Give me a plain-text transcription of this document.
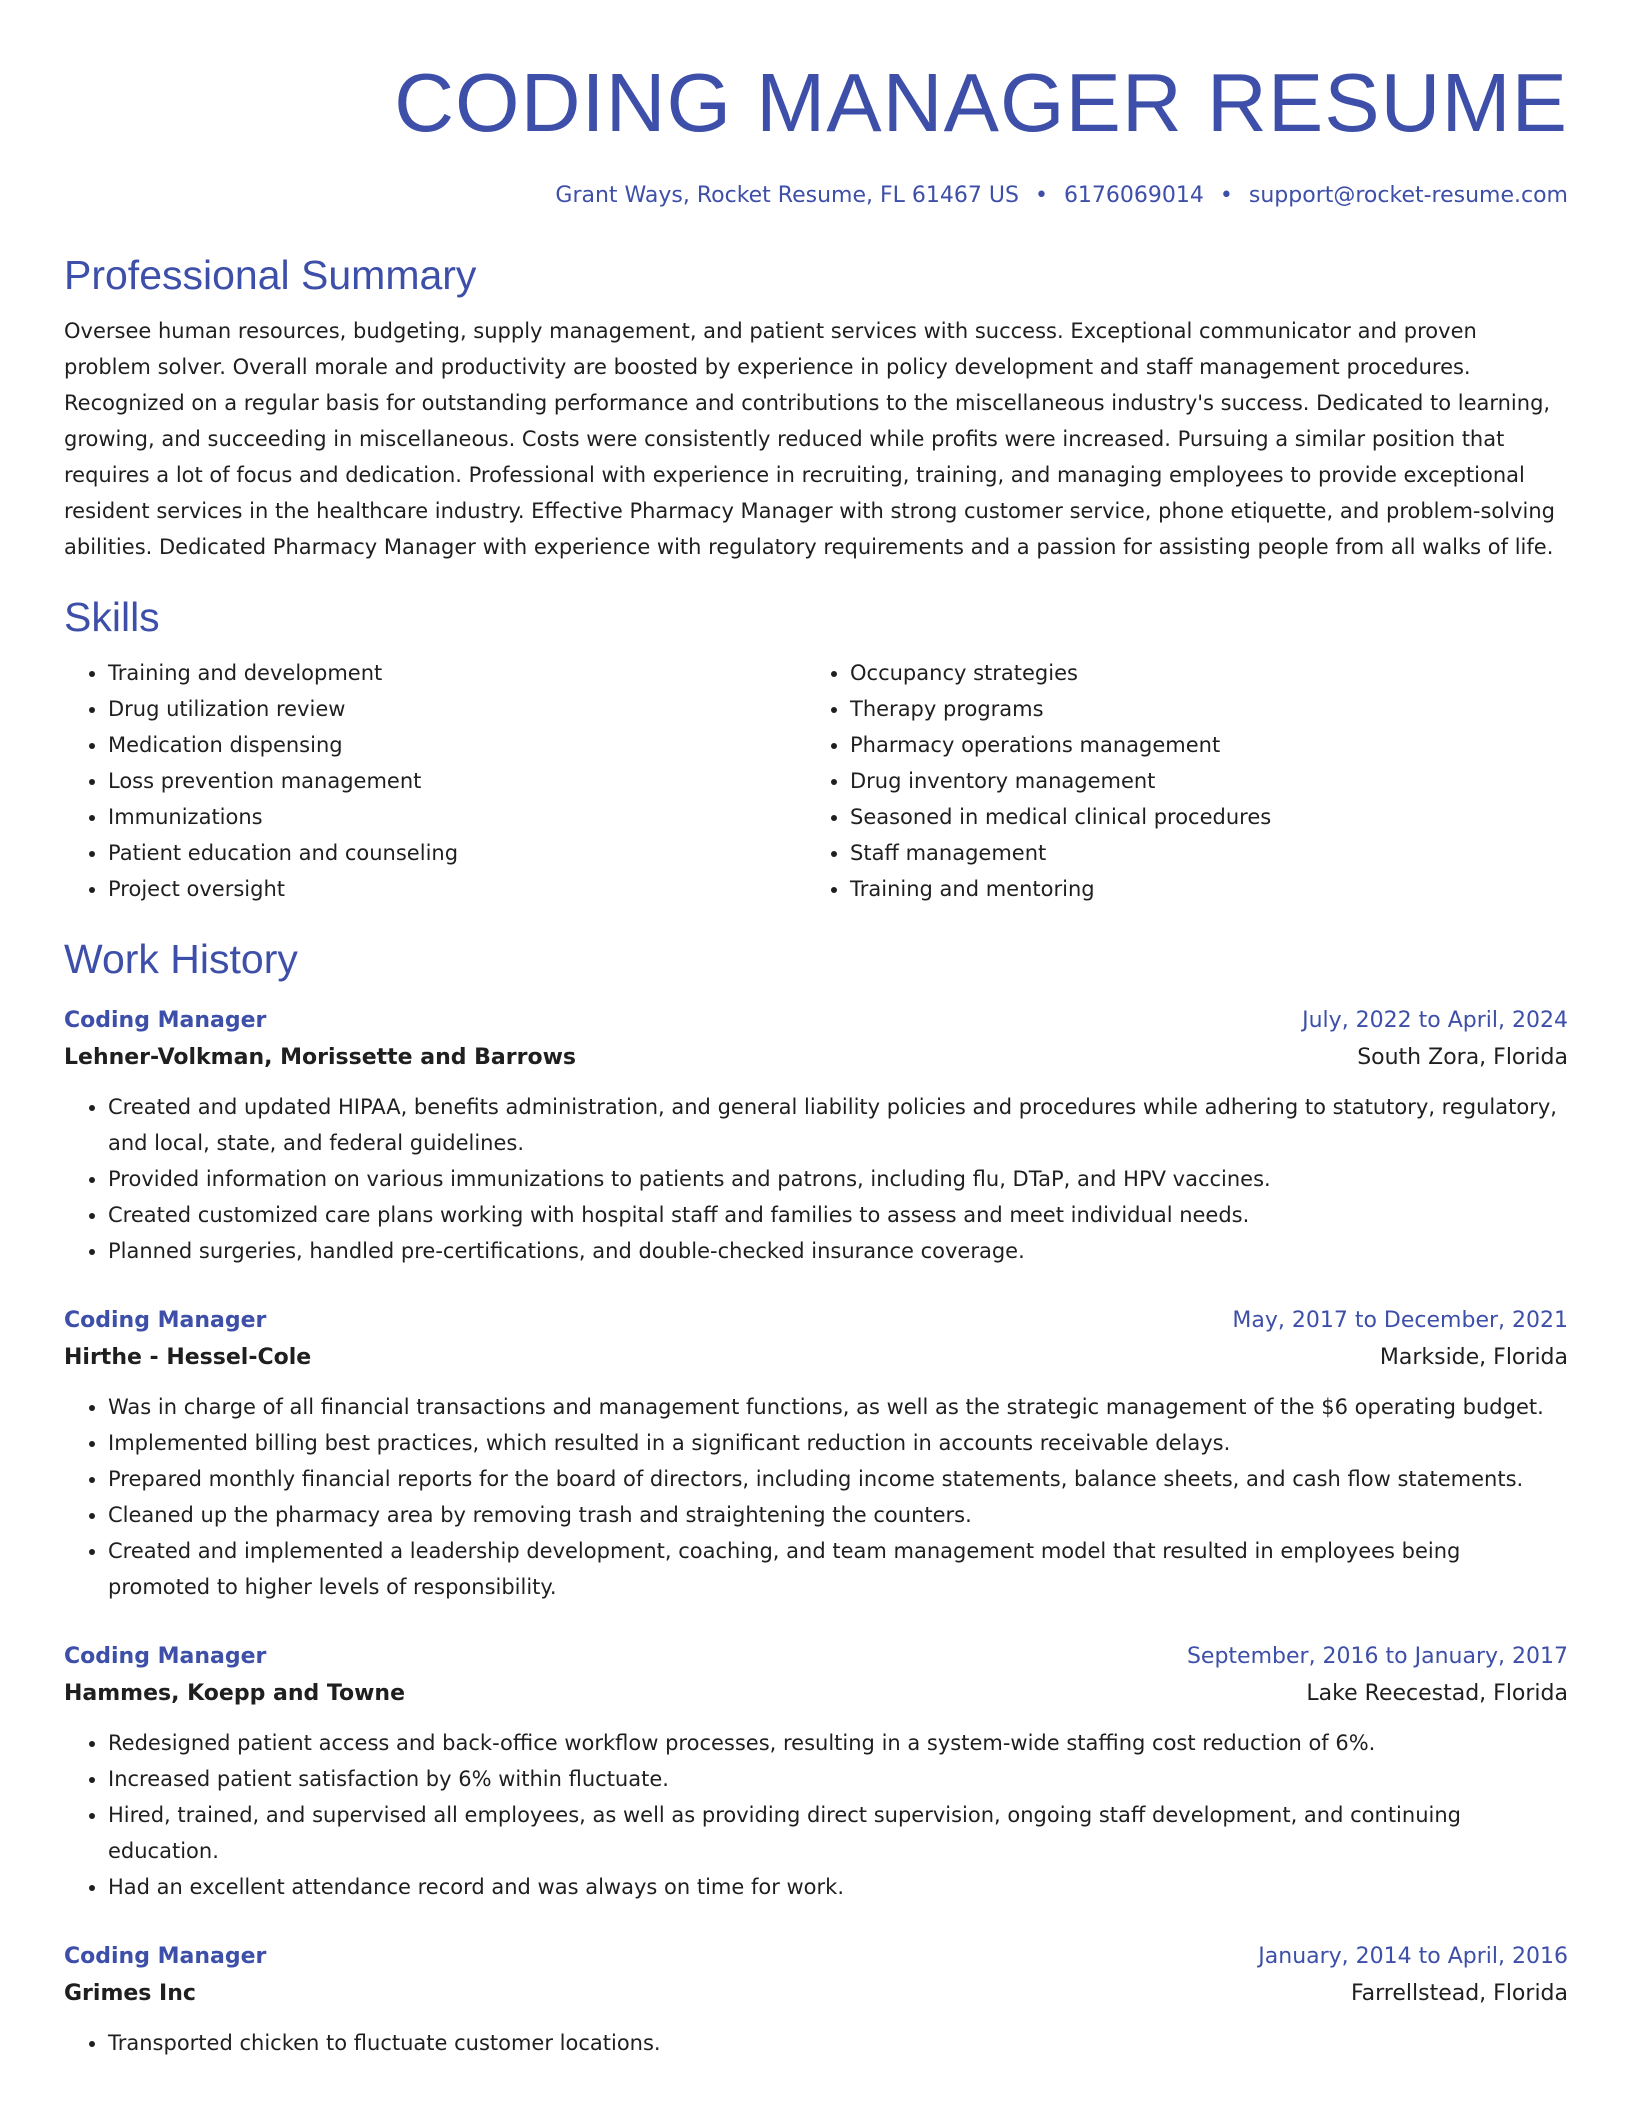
CODING MANAGER RESUME
Grant Ways, Rocket Resume, FL 61467 US • 6176069014 • support@rocket-resume.com
Professional Summary

Oversee human resources, budgeting, supply management, and patient services with success. Exceptional communicator and proven problem solver. Overall morale and productivity are boosted by experience in policy development and staff management procedures. Recognized on a regular basis for outstanding performance and contributions to the miscellaneous industry's success. Dedicated to learning, growing, and succeeding in miscellaneous. Costs were consistently reduced while profits were increased. Pursuing a similar position that requires a lot of focus and dedication. Professional with experience in recruiting, training, and managing employees to provide exceptional resident services in the healthcare industry. Effective Pharmacy Manager with strong customer service, phone etiquette, and problem-solving abilities. Dedicated Pharmacy Manager with experience with regulatory requirements and a passion for assisting people from all walks of life.

Skills
• Training and development
• Drug utilization review
• Medication dispensing
• Loss prevention management
• Immunizations
• Patient education and counseling
• Project oversight
• Occupancy strategies
• Therapy programs
• Pharmacy operations management
• Drug inventory management
• Seasoned in medical clinical procedures
• Staff management
• Training and mentoring
Work History
Coding Manager	July, 2022 to April, 2024
Lehner-Volkman, Morissette and Barrows	South Zora, Florida
• Created and updated HIPAA, benefits administration, and general liability policies and procedures while adhering to statutory, regulatory, and local, state, and federal guidelines.
• Provided information on various immunizations to patients and patrons, including flu, DTaP, and HPV vaccines.
• Created customized care plans working with hospital staff and families to assess and meet individual needs.
• Planned surgeries, handled pre-certifications, and double-checked insurance coverage.
Coding Manager	May, 2017 to December, 2021
Hirthe - Hessel-Cole	Markside, Florida
• Was in charge of all financial transactions and management functions, as well as the strategic management of the $6 operating budget.
• Implemented billing best practices, which resulted in a significant reduction in accounts receivable delays.
• Prepared monthly financial reports for the board of directors, including income statements, balance sheets, and cash flow statements.
• Cleaned up the pharmacy area by removing trash and straightening the counters.
• Created and implemented a leadership development, coaching, and team management model that resulted in employees being promoted to higher levels of responsibility.
Coding Manager	September, 2016 to January, 2017
Hammes, Koepp and Towne	Lake Reecestad, Florida
• Redesigned patient access and back-office workflow processes, resulting in a system-wide staffing cost reduction of 6%.
• Increased patient satisfaction by 6% within fluctuate.
• Hired, trained, and supervised all employees, as well as providing direct supervision, ongoing staff development, and continuing education.
• Had an excellent attendance record and was always on time for work.
Coding Manager	January, 2014 to April, 2016
Grimes Inc	Farrellstead, Florida
• Transported chicken to fluctuate customer locations.
